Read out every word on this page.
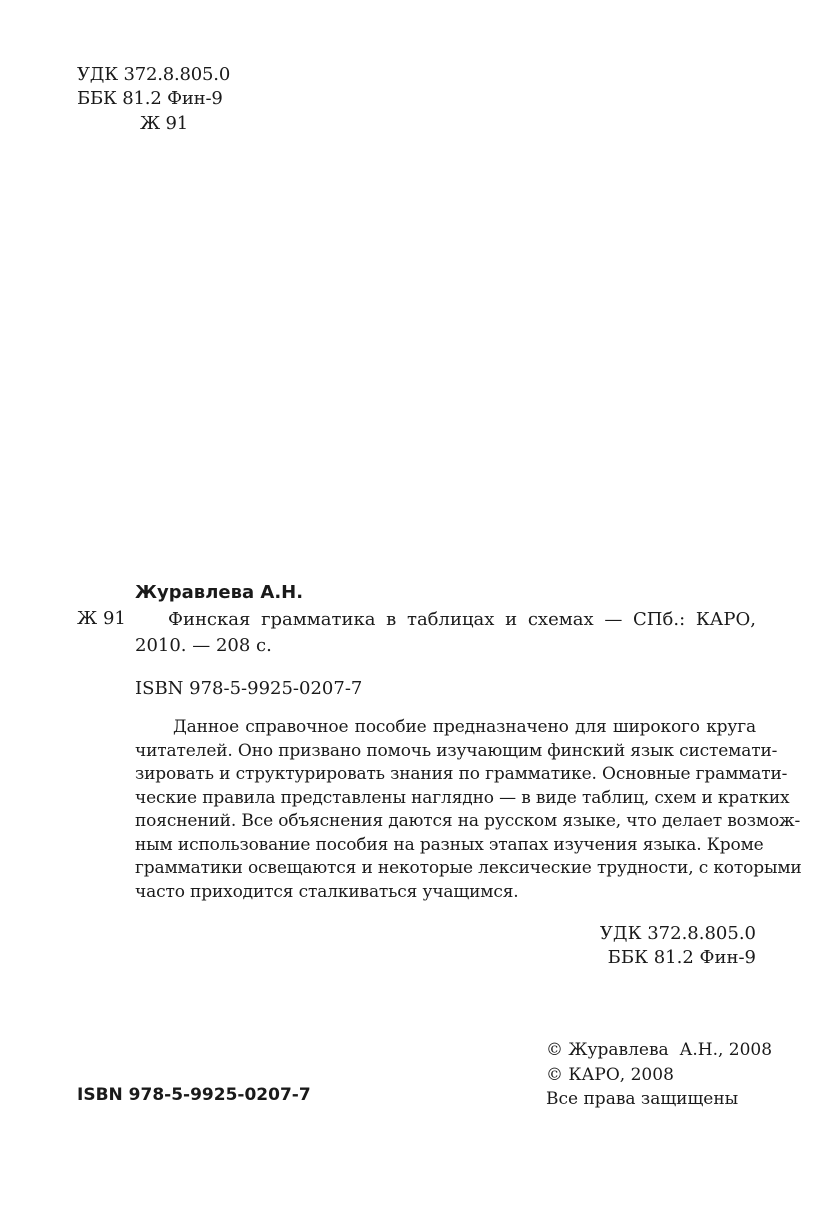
УДК 372.8.805.0
ББК 81.2 Фин-9
Ж 91
Журавлева А.Н.
Ж 91	Финская грамматика в таблицах и схемах — СПб.: КАРО,
2010. — 208 с.
ISBN 978-5-9925-0207-7
Данное справочное пособие предназначено для широкого круга
читателей. Оно призвано помочь изучающим финский язык системати-
зировать и структурировать знания по грамматике. Основные граммати-
ческие правила представлены наглядно — в виде таблиц, схем и кратких
пояснений. Все объяснения даются на русском языке, что делает возмож-
ным использование пособия на разных этапах изучения языка. Кроме
грамматики освещаются и некоторые лексические трудности, с которыми
часто приходится сталкиваться учащимся.
УДК 372.8.805.0
ББК 81.2 Фин-9
© Журавлева  А.Н., 2008
© КАРО, 2008
Все права защищены
ISBN 978-5-9925-0207-7
